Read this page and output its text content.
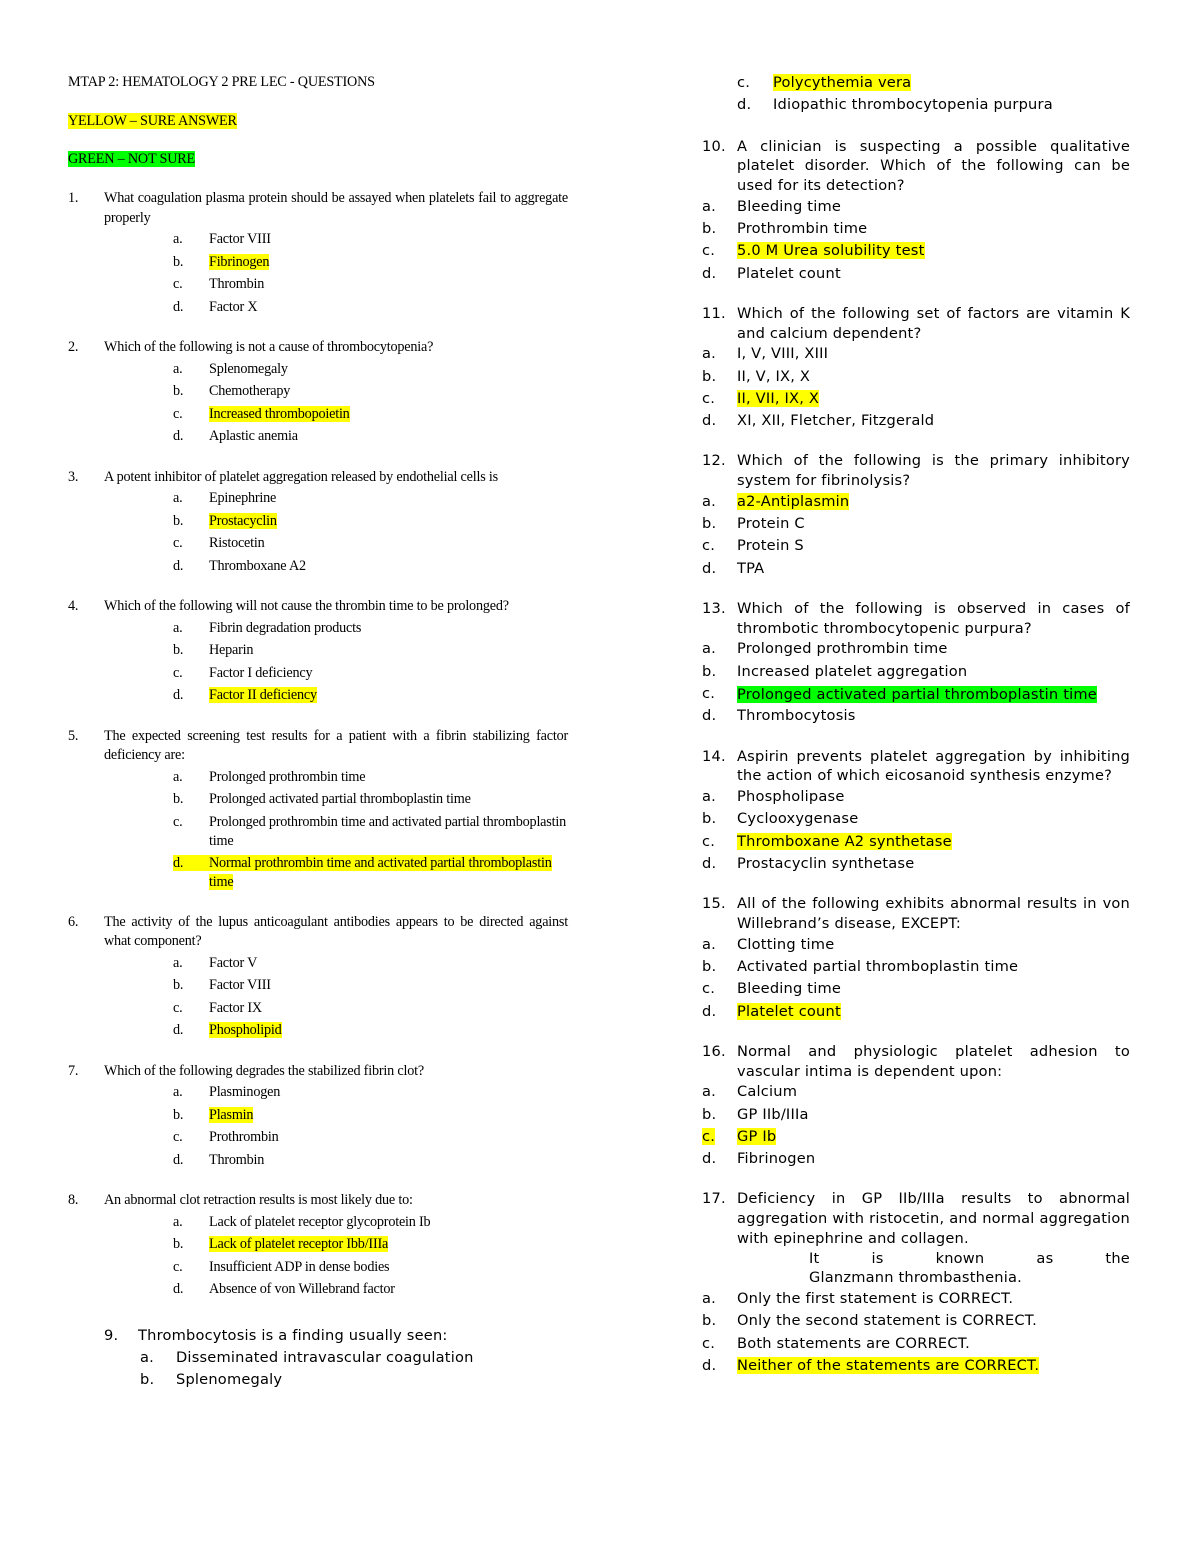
MTAP 2: HEMATOLOGY 2 PRE LEC - QUESTIONS
YELLOW – SURE ANSWER
GREEN – NOT SURE
1.	What coagulation plasma protein should be assayed when platelets fail to aggregate properly
a.	Factor VIII
b.	Fibrinogen
c.	Thrombin
d.	Factor X
2.	Which of the following is not a cause of thrombocytopenia?
a.	Splenomegaly
b.	Chemotherapy
c.	Increased thrombopoietin
d.	Aplastic anemia
3.	A potent inhibitor of platelet aggregation released by endothelial cells is
a.	Epinephrine
b.	Prostacyclin
c.	Ristocetin
d.	Thromboxane A2
4.	Which of the following will not cause the thrombin time to be prolonged?
a.	Fibrin degradation products
b.	Heparin
c.	Factor I deficiency
d.	Factor II deficiency
5.	The expected screening test results for a patient with a fibrin stabilizing factor deficiency are:
a.	Prolonged prothrombin time
b.	Prolonged activated partial thromboplastin time
c.	Prolonged prothrombin time and activated partial thromboplastin time
d.	Normal prothrombin time and activated partial thromboplastin time
6.	The activity of the lupus anticoagulant antibodies appears to be directed against what component?
a.	Factor V
b.	Factor VIII
c.	Factor IX
d.	Phospholipid
7.	Which of the following degrades the stabilized fibrin clot?
a.	Plasminogen
b.	Plasmin
c.	Prothrombin
d.	Thrombin
8.	An abnormal clot retraction results is most likely due to:
a.	Lack of platelet receptor glycoprotein Ib
b.	Lack of platelet receptor Ibb/IIIa
c.	Insufficient ADP in dense bodies
d.	Absence of von Willebrand factor
9.	Thrombocytosis is a finding usually seen:
a.	Disseminated intravascular coagulation
b.	Splenomegaly
c.	Polycythemia vera
d.	Idiopathic thrombocytopenia purpura
10. A clinician is suspecting a possible qualitative platelet disorder. Which of the following can be used for its detection?
a.	Bleeding time
b.	Prothrombin time
c.	5.0 M Urea solubility test
d.	Platelet count
11. Which of the following set of factors are vitamin K and calcium dependent?
a.	I, V, VIII, XIII
b.	II, V, IX, X
c.	II, VII, IX, X
d.	XI, XII, Fletcher, Fitzgerald
12. Which of the following is the primary inhibitory system for fibrinolysis?
a.	a2-Antiplasmin
b.	Protein C
c.	Protein S
d.	TPA
13. Which of the following is observed in cases of thrombotic thrombocytopenic purpura?
a.	Prolonged prothrombin time
b.	Increased platelet aggregation
c.	Prolonged activated partial thromboplastin time
d.	Thrombocytosis
14. Aspirin prevents platelet aggregation by inhibiting the action of which eicosanoid synthesis enzyme?
a.	Phospholipase
b.	Cyclooxygenase
c.	Thromboxane A2 synthetase
d.	Prostacyclin synthetase
15. All of the following exhibits abnormal results in von Willebrand’s disease, EXCEPT:
a.	Clotting time
b.	Activated partial thromboplastin time
c.	Bleeding time
d.	Platelet count
16. Normal and physiologic platelet adhesion to vascular intima is dependent upon:
a.	Calcium
b.	GP IIb/IIIa
c.	GP Ib
d.	Fibrinogen
17. Deficiency in GP IIb/IIIa results to abnormal aggregation with ristocetin, and normal aggregation with epinephrine and collagen.
It	is	known	as	the
Glanzmann thrombasthenia.
a.	Only the first statement is CORRECT.
b.	Only the second statement is CORRECT.
c.	Both statements are CORRECT.
d.	Neither of the statements are CORRECT.
